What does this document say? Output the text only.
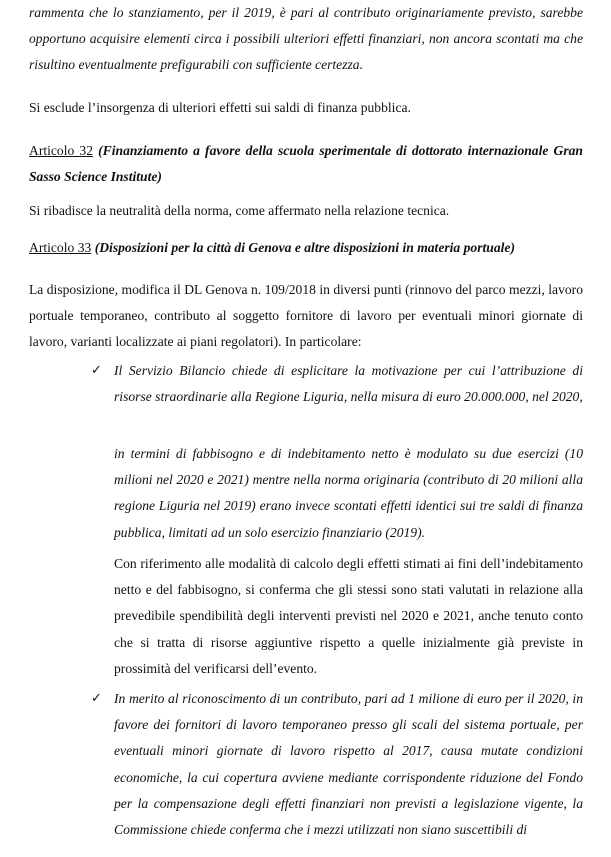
rammenta che lo stanziamento, per il 2019, è pari al contributo originariamente previsto, sarebbe opportuno acquisire elementi circa i possibili ulteriori effetti finanziari, non ancora scontati ma che risultino eventualmente prefigurabili con sufficiente certezza.

Si esclude l’insorgenza di ulteriori effetti sui saldi di finanza pubblica.

Articolo 32 (Finanziamento a favore della scuola sperimentale di dottorato internazionale Gran Sasso Science Institute)

Si ribadisce la neutralità della norma, come affermato nella relazione tecnica.

Articolo 33 (Disposizioni per la città di Genova e altre disposizioni in materia portuale)

La disposizione, modifica il DL Genova n. 109/2018 in diversi punti (rinnovo del parco mezzi, lavoro portuale temporaneo, contributo al soggetto fornitore di lavoro per eventuali minori giornate di lavoro, varianti localizzate ai piani regolatori). In particolare:

✓ Il Servizio Bilancio chiede di esplicitare la motivazione per cui l’attribuzione di risorse straordinarie alla Regione Liguria, nella misura di euro 20.000.000, nel 2020,

in termini di fabbisogno e di indebitamento netto è modulato su due esercizi (10 milioni nel 2020 e 2021) mentre nella norma originaria (contributo di 20 milioni alla regione Liguria nel 2019) erano invece scontati effetti identici sui tre saldi di finanza pubblica, limitati ad un solo esercizio finanziario (2019).

Con riferimento alle modalità di calcolo degli effetti stimati ai fini dell’indebitamento netto e del fabbisogno, si conferma che gli stessi sono stati valutati in relazione alla prevedibile spendibilità degli interventi previsti nel 2020 e 2021, anche tenuto conto che si tratta di risorse aggiuntive rispetto a quelle inizialmente già previste in prossimità del verificarsi dell’evento.

✓ In merito al riconoscimento di un contributo, pari ad 1 milione di euro per il 2020, in favore dei fornitori di lavoro temporaneo presso gli scali del sistema portuale, per eventuali minori giornate di lavoro rispetto al 2017, causa mutate condizioni economiche, la cui copertura avviene mediante corrispondente riduzione del Fondo per la compensazione degli effetti finanziari non previsti a legislazione vigente, la Commissione chiede conferma che i mezzi utilizzati non siano suscettibili di
